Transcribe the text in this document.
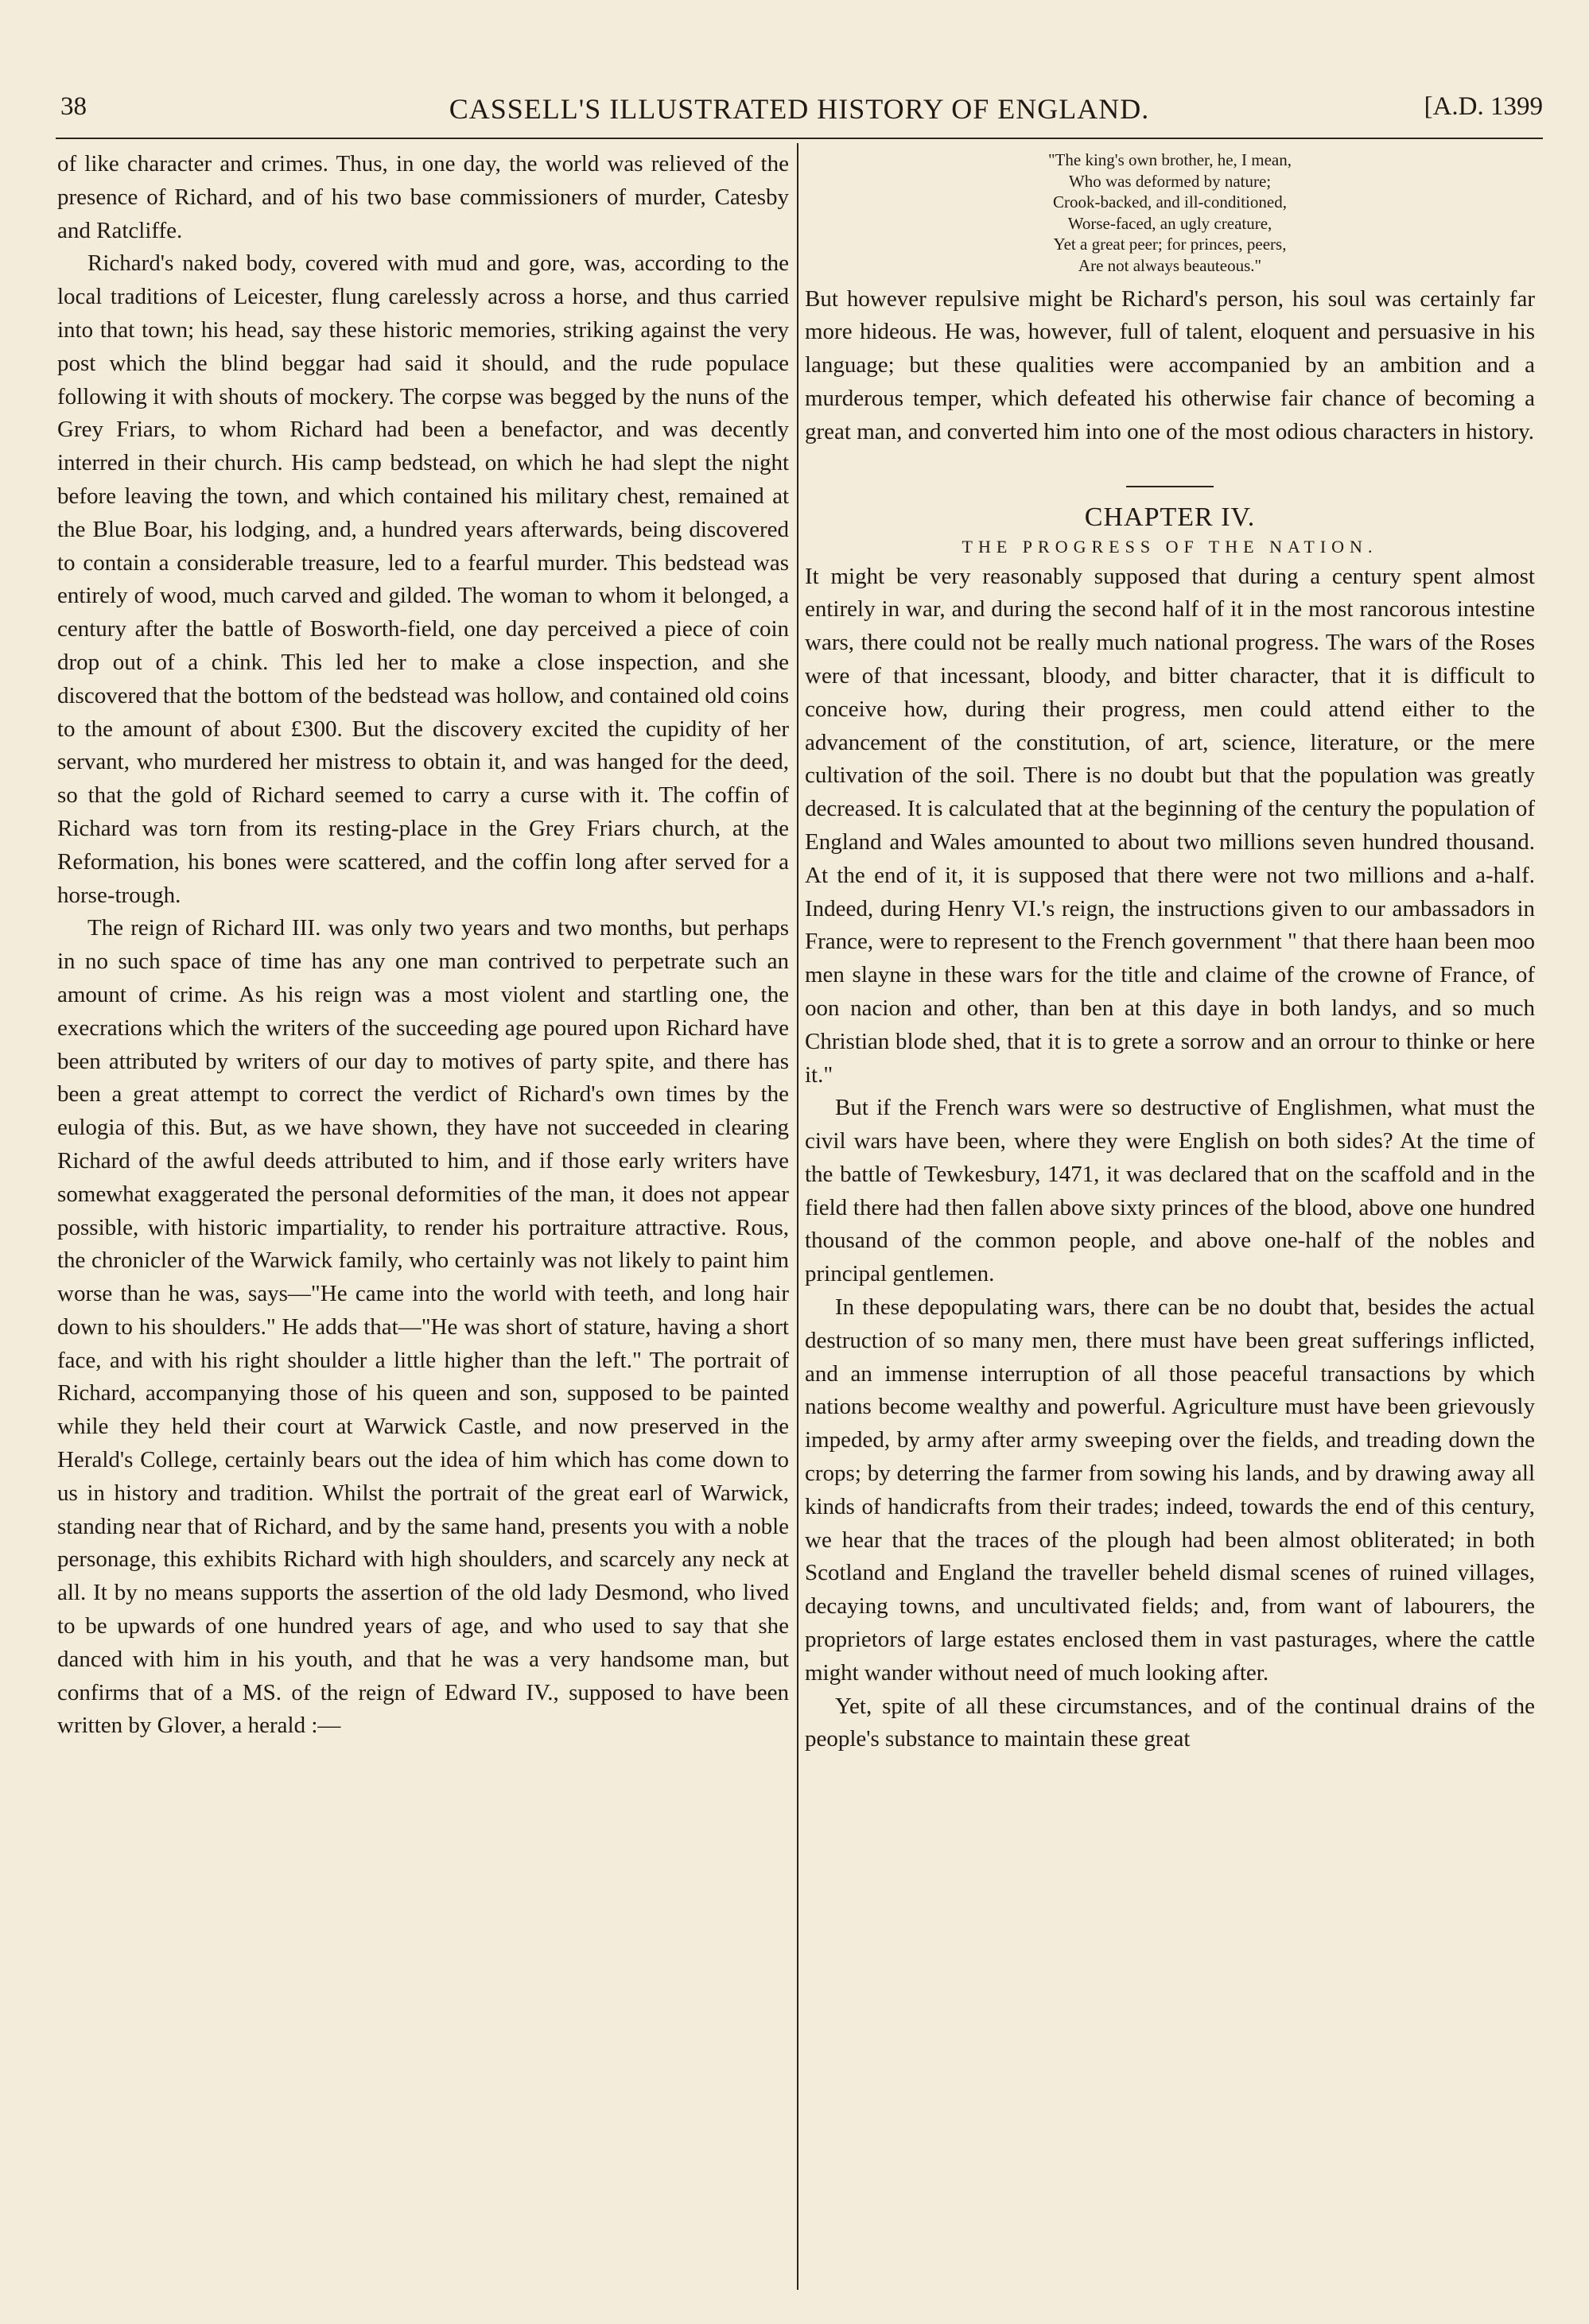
38	CASSELL'S ILLUSTRATED HISTORY OF ENGLAND.	[A.D. 1399

of like character and crimes. Thus, in one day, the world was relieved of the presence of Richard, and of his two base commissioners of murder, Catesby and Ratcliffe.

Richard's naked body, covered with mud and gore, was, according to the local traditions of Leicester, flung carelessly across a horse, and thus carried into that town; his head, say these historic memories, striking against the very post which the blind beggar had said it should, and the rude populace following it with shouts of mockery. The corpse was begged by the nuns of the Grey Friars, to whom Richard had been a benefactor, and was decently interred in their church. His camp bedstead, on which he had slept the night before leaving the town, and which contained his military chest, remained at the Blue Boar, his lodging, and, a hundred years afterwards, being discovered to contain a considerable treasure, led to a fearful murder. This bedstead was entirely of wood, much carved and gilded. The woman to whom it belonged, a century after the battle of Bosworth-field, one day perceived a piece of coin drop out of a chink. This led her to make a close inspection, and she discovered that the bottom of the bedstead was hollow, and contained old coins to the amount of about £300. But the discovery excited the cupidity of her servant, who murdered her mistress to obtain it, and was hanged for the deed, so that the gold of Richard seemed to carry a curse with it. The coffin of Richard was torn from its resting-place in the Grey Friars church, at the Reformation, his bones were scattered, and the coffin long after served for a horse-trough.

The reign of Richard III. was only two years and two months, but perhaps in no such space of time has any one man contrived to perpetrate such an amount of crime. As his reign was a most violent and startling one, the execrations which the writers of the succeeding age poured upon Richard have been attributed by writers of our day to motives of party spite, and there has been a great attempt to correct the verdict of Richard's own times by the eulogia of this. But, as we have shown, they have not succeeded in clearing Richard of the awful deeds attributed to him, and if those early writers have somewhat exaggerated the personal deformities of the man, it does not appear possible, with historic impartiality, to render his portraiture attractive. Rous, the chronicler of the Warwick family, who certainly was not likely to paint him worse than he was, says—"He came into the world with teeth, and long hair down to his shoulders." He adds that—"He was short of stature, having a short face, and with his right shoulder a little higher than the left." The portrait of Richard, accompanying those of his queen and son, supposed to be painted while they held their court at Warwick Castle, and now preserved in the Herald's College, certainly bears out the idea of him which has come down to us in history and tradition. Whilst the portrait of the great earl of Warwick, standing near that of Richard, and by the same hand, presents you with a noble personage, this exhibits Richard with high shoulders, and scarcely any neck at all. It by no means supports the assertion of the old lady Desmond, who lived to be upwards of one hundred years of age, and who used to say that she danced with him in his youth, and that he was a very handsome man, but confirms that of a MS. of the reign of Edward IV., supposed to have been written by Glover, a herald :—

"The king's own brother, he, I mean,
Who was deformed by nature;
Crook-backed, and ill-conditioned,
Worse-faced, an ugly creature,
Yet a great peer; for princes, peers,
Are not always beauteous."

But however repulsive might be Richard's person, his soul was certainly far more hideous. He was, however, full of talent, eloquent and persuasive in his language; but these qualities were accompanied by an ambition and a murderous temper, which defeated his otherwise fair chance of becoming a great man, and converted him into one of the most odious characters in history.

CHAPTER IV.

THE PROGRESS OF THE NATION.

It might be very reasonably supposed that during a century spent almost entirely in war, and during the second half of it in the most rancorous intestine wars, there could not be really much national progress. The wars of the Roses were of that incessant, bloody, and bitter character, that it is difficult to conceive how, during their progress, men could attend either to the advancement of the constitution, of art, science, literature, or the mere cultivation of the soil. There is no doubt but that the population was greatly decreased. It is calculated that at the beginning of the century the population of England and Wales amounted to about two millions seven hundred thousand. At the end of it, it is supposed that there were not two millions and a-half. Indeed, during Henry VI.'s reign, the instructions given to our ambassadors in France, were to represent to the French government " that there haan been moo men slayne in these wars for the title and claime of the crowne of France, of oon nacion and other, than ben at this daye in both landys, and so much Christian blode shed, that it is to grete a sorrow and an orrour to thinke or here it."

But if the French wars were so destructive of Englishmen, what must the civil wars have been, where they were English on both sides? At the time of the battle of Tewkesbury, 1471, it was declared that on the scaffold and in the field there had then fallen above sixty princes of the blood, above one hundred thousand of the common people, and above one-half of the nobles and principal gentlemen.

In these depopulating wars, there can be no doubt that, besides the actual destruction of so many men, there must have been great sufferings inflicted, and an immense interruption of all those peaceful transactions by which nations become wealthy and powerful. Agriculture must have been grievously impeded, by army after army sweeping over the fields, and treading down the crops; by deterring the farmer from sowing his lands, and by drawing away all kinds of handicrafts from their trades; indeed, towards the end of this century, we hear that the traces of the plough had been almost obliterated; in both Scotland and England the traveller beheld dismal scenes of ruined villages, decaying towns, and uncultivated fields; and, from want of labourers, the proprietors of large estates enclosed them in vast pasturages, where the cattle might wander without need of much looking after.

Yet, spite of all these circumstances, and of the continual drains of the people's substance to maintain these great
